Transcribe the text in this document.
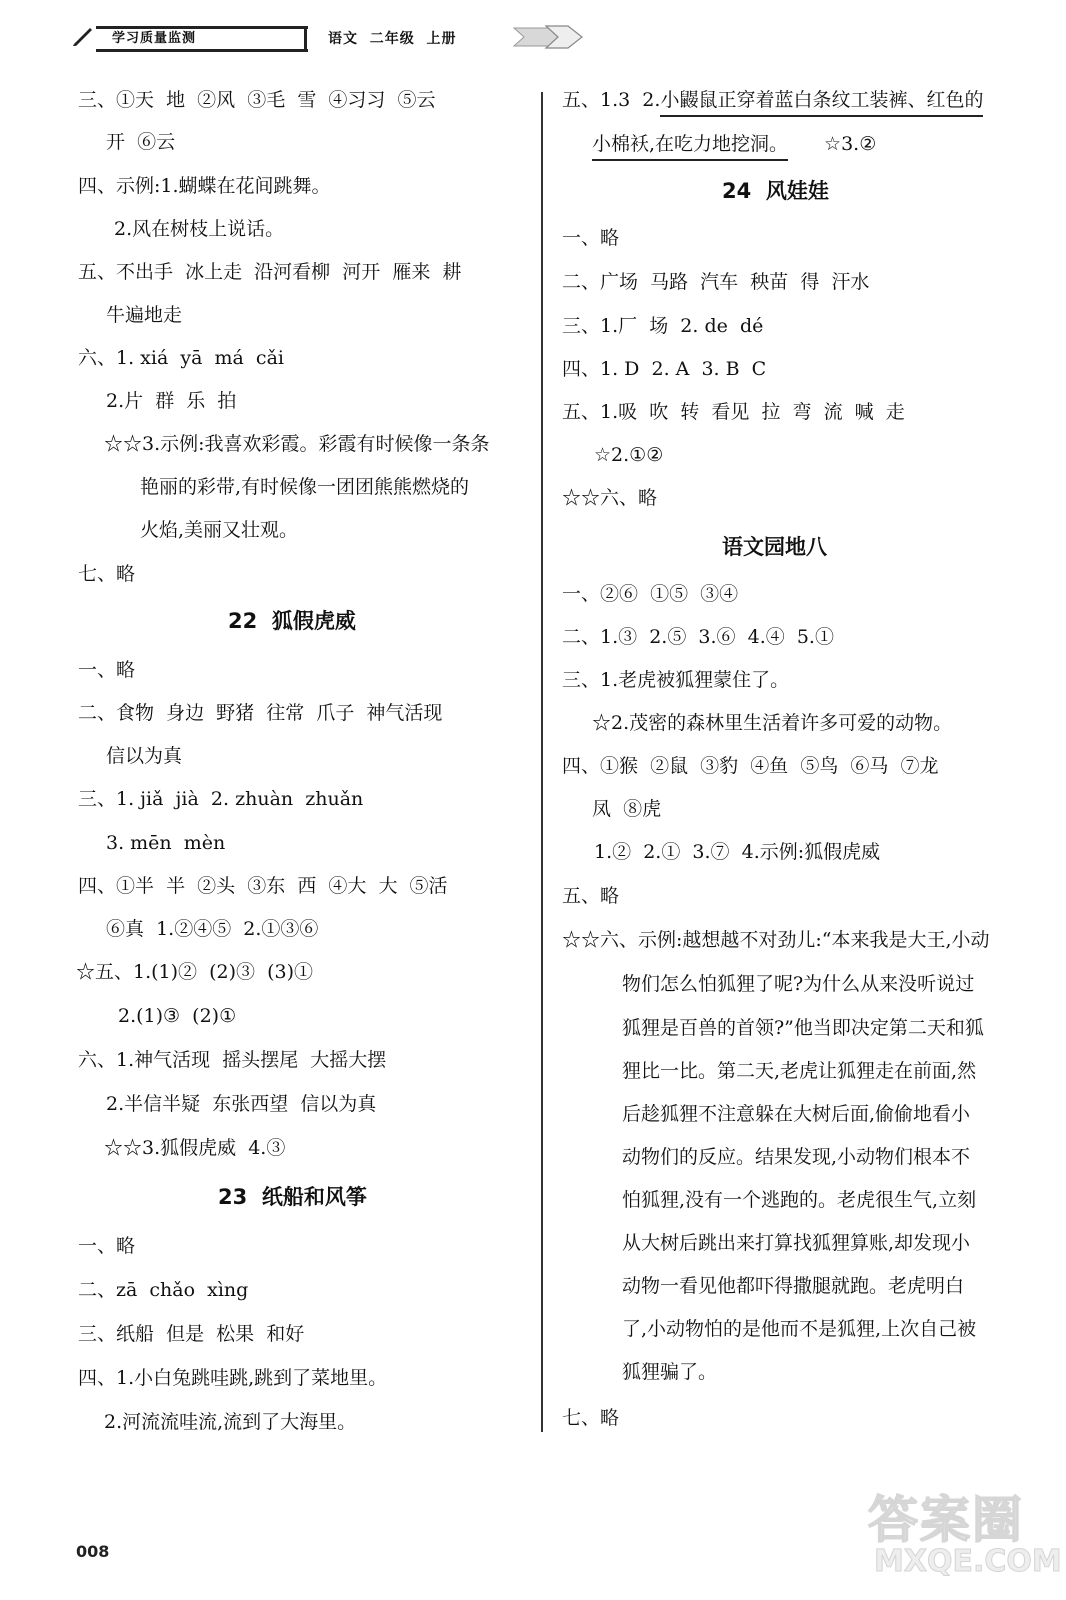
学习质量监测	语文  二年级  上册
三、①天  地  ②风  ③毛  雪  ④习习  ⑤云
开  ⑥云
四、示例:1.蝴蝶在花间跳舞。
2.风在树枝上说话。
五、不出手  冰上走  沿河看柳  河开  雁来  耕
牛遍地走
六、1. xiá  yā  má  cǎi
2.片  群  乐  拍
☆☆3.示例:我喜欢彩霞。彩霞有时候像一条条
艳丽的彩带,有时候像一团团熊熊燃烧的
火焰,美丽又壮观。
七、略
22  狐假虎威
一、略
二、食物  身边  野猪  往常  爪子  神气活现
信以为真
三、1. jiǎ  jià  2. zhuàn  zhuǎn
3. mēn  mèn
四、①半  半  ②头  ③东  西  ④大  大  ⑤活
⑥真  1.②④⑤  2.①③⑥
☆五、1.(1)②  (2)③  (3)①
2.(1)③  (2)①
六、1.神气活现  摇头摆尾  大摇大摆
2.半信半疑  东张西望  信以为真
☆☆3.狐假虎威  4.③
23  纸船和风筝
一、略
二、zā  chǎo  xìng
三、纸船  但是  松果  和好
四、1.小白兔跳哇跳,跳到了菜地里。
2.河流流哇流,流到了大海里。
五、1.3  2.小鼹鼠正穿着蓝白条纹工装裤、红色的
小棉袄,在吃力地挖洞。 ☆3.②
24  风娃娃
一、略
二、广场  马路  汽车  秧苗  得  汗水
三、1.厂  场  2. de  dé
四、1. D  2. A  3. B  C
五、1.吸  吹  转  看见  拉  弯  流  喊  走
☆2.①②
☆☆六、略
语文园地八
一、②⑥  ①⑤  ③④
二、1.③  2.⑤  3.⑥  4.④  5.①
三、1.老虎被狐狸蒙住了。
☆2.茂密的森林里生活着许多可爱的动物。
四、①猴  ②鼠  ③豹  ④鱼  ⑤鸟  ⑥马  ⑦龙
凤  ⑧虎
1.②  2.①  3.⑦  4.示例:狐假虎威
五、略
☆☆六、示例:越想越不对劲儿:“本来我是大王,小动
物们怎么怕狐狸了呢?为什么从来没听说过
狐狸是百兽的首领?”他当即决定第二天和狐
狸比一比。第二天,老虎让狐狸走在前面,然
后趁狐狸不注意躲在大树后面,偷偷地看小
动物们的反应。结果发现,小动物们根本不
怕狐狸,没有一个逃跑的。老虎很生气,立刻
从大树后跳出来打算找狐狸算账,却发现小
动物一看见他都吓得撒腿就跑。老虎明白
了,小动物怕的是他而不是狐狸,上次自己被
狐狸骗了。
七、略
008
答案圈
MXQE.COM
